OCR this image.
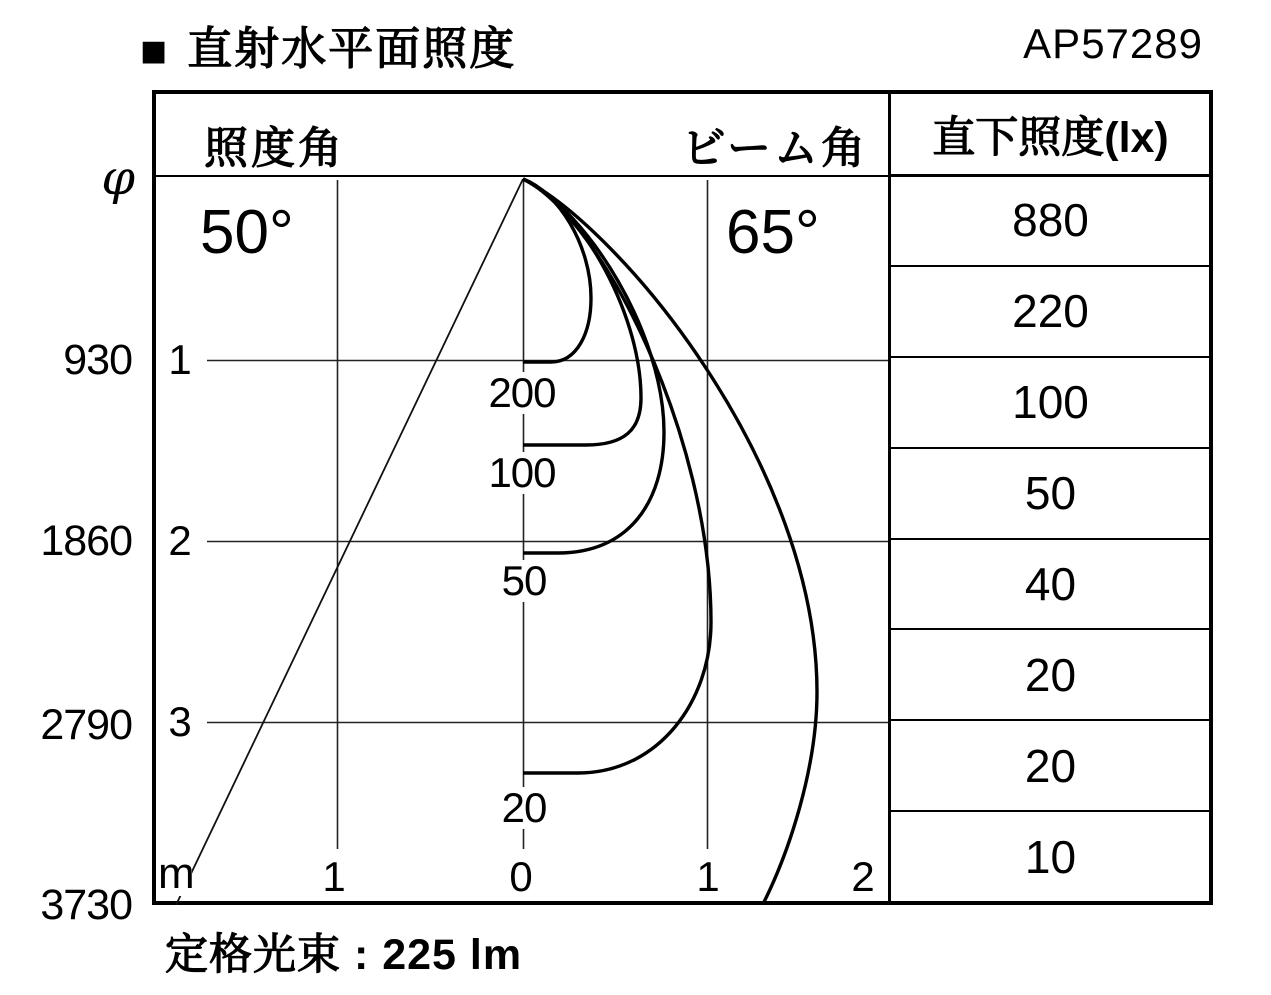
■ 直射水平面照度	AP57289
照度角	ビーム角
50°	65°
1
2
3
200
100
50
20
m	1	0	1	2
φ
930
1860
2790
3730
直下照度(lx)
880
220
100
50
40
20
20
10
定格光束 : 225 lm
